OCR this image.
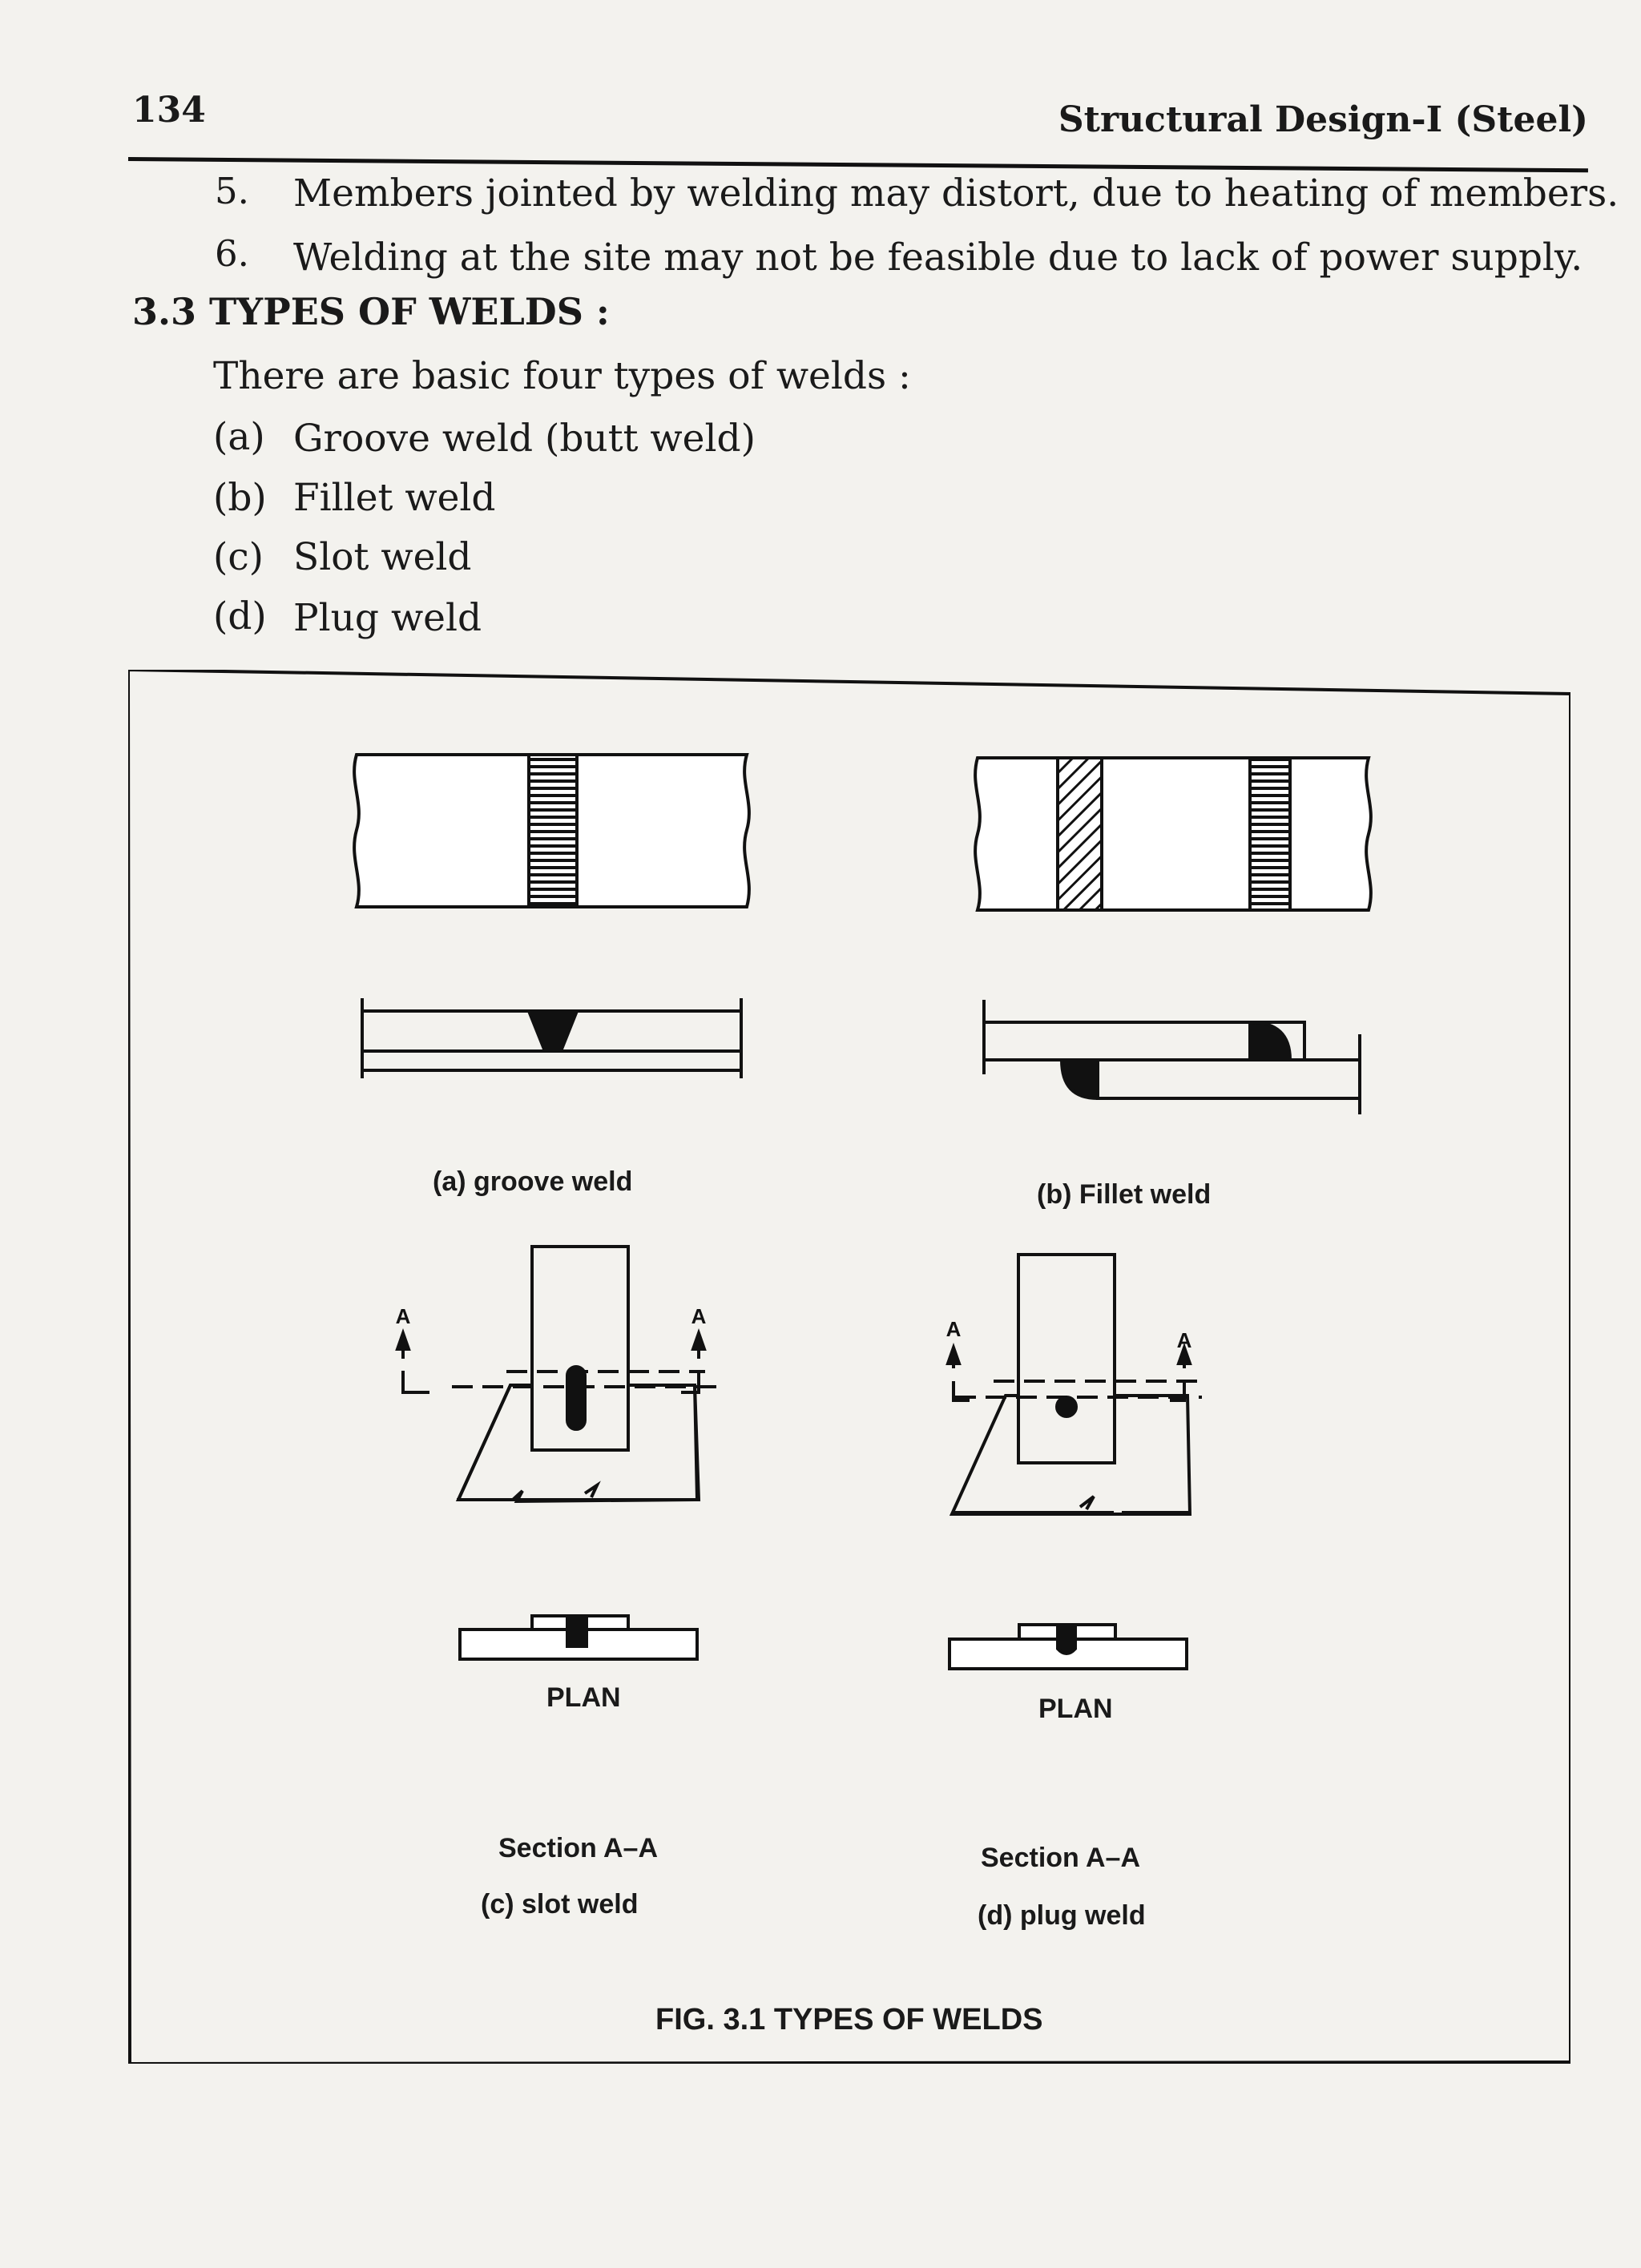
134	Structural Design-I (Steel)
5. Members jointed by welding may distort, due to heating of members.
6. Welding at the site may not be feasible due to lack of power supply.
3.3 TYPES OF WELDS :
There are basic four types of welds :
(a) Groove weld (butt weld)
(b) Fillet weld
(c) Slot weld
(d) Plug weld
A	A
A	A
(a) groove weld	(b) Fillet weld
PLAN
Section A–A
(c) slot weld
PLAN
Section A–A
(d) plug weld
FIG. 3.1 TYPES OF WELDS
